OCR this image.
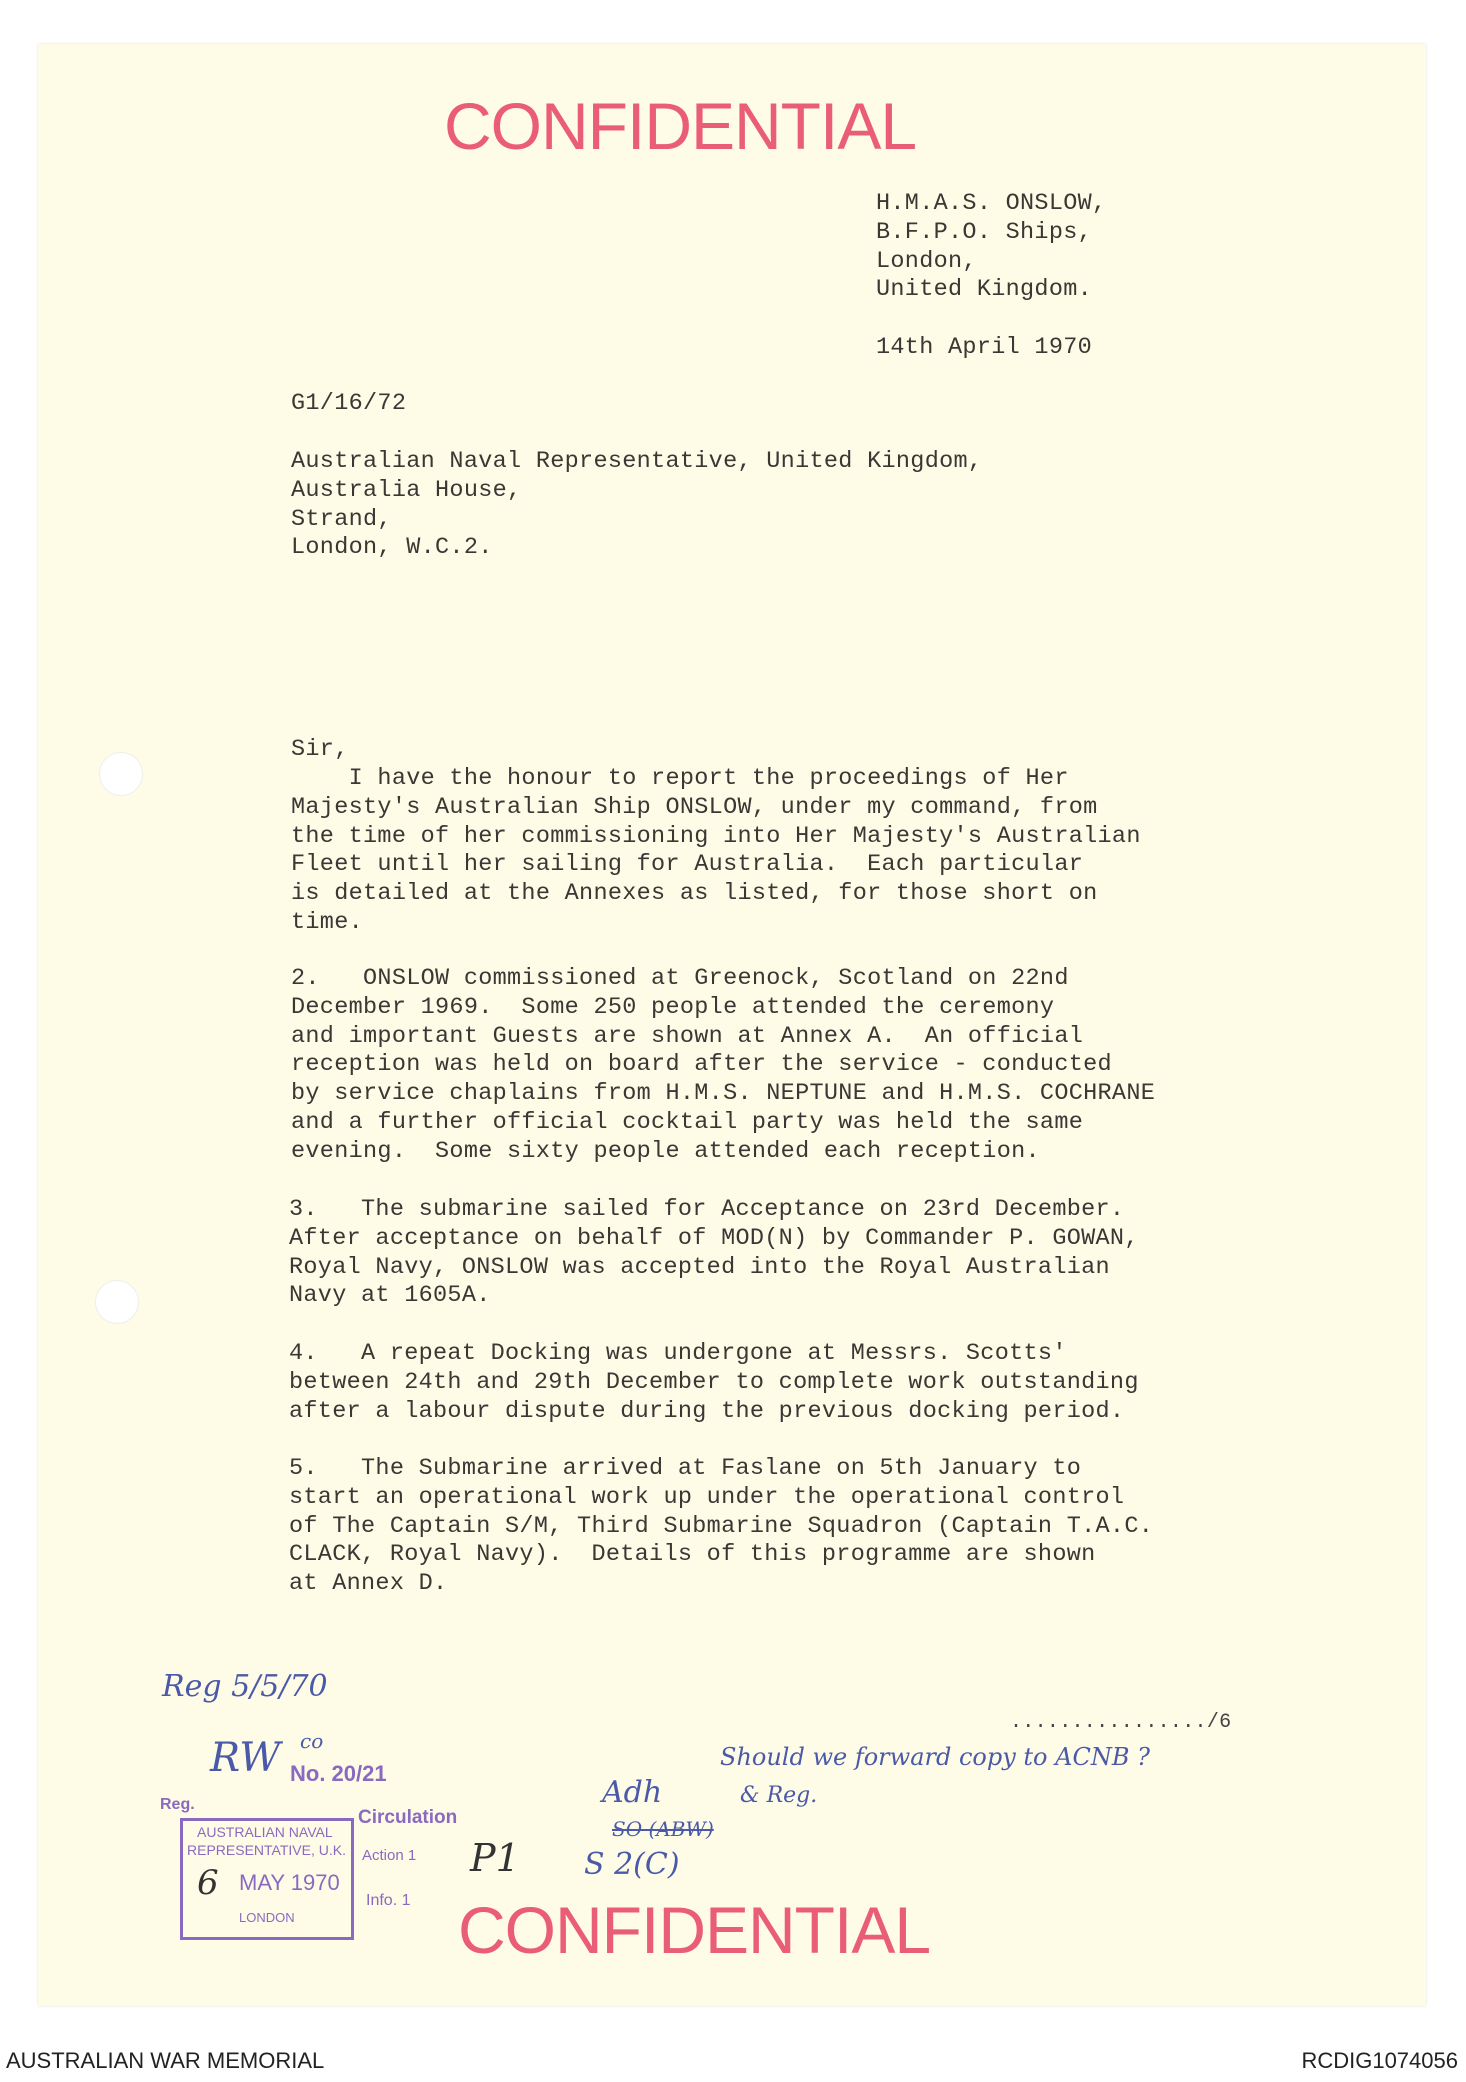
CONFIDENTIAL
H.M.A.S. ONSLOW,
B.F.P.O. Ships,
London,
United Kingdom.
14th April 1970
G1/16/72
Australian Naval Representative, United Kingdom,
Australia House,
Strand,
London, W.C.2.
Sir,
I have the honour to report the proceedings of Her
Majesty's Australian Ship ONSLOW, under my command, from
the time of her commissioning into Her Majesty's Australian
Fleet until her sailing for Australia.  Each particular
is detailed at the Annexes as listed, for those short on
time.
2.   ONSLOW commissioned at Greenock, Scotland on 22nd
December 1969.  Some 250 people attended the ceremony
and important Guests are shown at Annex A.  An official
reception was held on board after the service - conducted
by service chaplains from H.M.S. NEPTUNE and H.M.S. COCHRANE
and a further official cocktail party was held the same
evening.  Some sixty people attended each reception.
3.   The submarine sailed for Acceptance on 23rd December.
After acceptance on behalf of MOD(N) by Commander P. GOWAN,
Royal Navy, ONSLOW was accepted into the Royal Australian
Navy at 1605A.
4.   A repeat Docking was undergone at Messrs. Scotts'
between 24th and 29th December to complete work outstanding
after a labour dispute during the previous docking period.
5.   The Submarine arrived at Faslane on 5th January to
start an operational work up under the operational control
of The Captain S/M, Third Submarine Squadron (Captain T.A.C.
CLACK, Royal Navy).  Details of this programme are shown
at Annex D.
Reg 5/5/70
RW co
Reg.
No. 20/21
AUSTRALIAN NAVAL
REPRESENTATIVE, U.K.
6 MAY 1970
LONDON
Circulation
Action 1
Info. 1
P1
................/6
Should we forward copy to ACNB ?
& Reg.
Adh
SO (ABW)
S 2(C)
CONFIDENTIAL
AUSTRALIAN WAR MEMORIAL	RCDIG1074056
